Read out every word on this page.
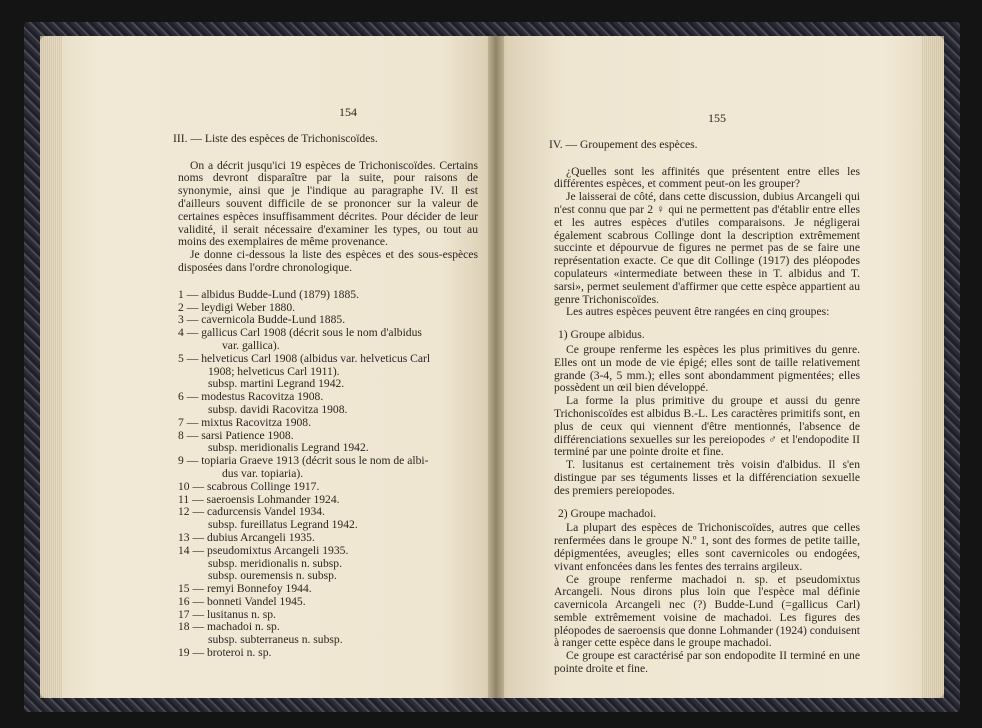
154
III. — Liste des espèces de Trichoniscoïdes.

On a décrit jusqu'ici 19 espèces de Trichoniscoïdes. Certains noms devront disparaître par la suite, pour raisons de synonymie, ainsi que je l'indique au paragraphe IV. Il est d'ailleurs souvent difficile de se prononcer sur la valeur de certaines espèces insuffisamment décrites. Pour décider de leur validité, il serait nécessaire d'examiner les types, ou tout au moins des exemplaires de même provenance.

Je donne ci-dessous la liste des espèces et des sous-espèces disposées dans l'ordre chronologique.

1 — albidus Budde-Lund (1879) 1885.
2 — leydigi Weber 1880.
3 — cavernicola Budde-Lund 1885.
4 — gallicus Carl 1908 (décrit sous le nom d'albidus
var. gallica).
5 — helveticus Carl 1908 (albidus var. helveticus Carl
1908; helveticus Carl 1911).
subsp. martini Legrand 1942.
6 — modestus Racovitza 1908.
subsp. davidi Racovitza 1908.
7 — mixtus Racovitza 1908.
8 — sarsi Patience 1908.
subsp. meridionalis Legrand 1942.
9 — topiaria Graeve 1913 (décrit sous le nom de albi-
dus var. topiaria).
10 — scabrous Collinge 1917.
11 — saeroensis Lohmander 1924.
12 — cadurcensis Vandel 1934.
subsp. fureillatus Legrand 1942.
13 — dubius Arcangeli 1935.
14 — pseudomixtus Arcangeli 1935.
subsp. meridionalis n. subsp.
subsp. ouremensis n. subsp.
15 — remyi Bonnefoy 1944.
16 — bonneti Vandel 1945.
17 — lusitanus n. sp.
18 — machadoi n. sp.
subsp. subterraneus n. subsp.
19 — broteroi n. sp.
155
IV. — Groupement des espèces.

¿Quelles sont les affinités que présentent entre elles les différentes espèces, et comment peut-on les grouper?

Je laisserai de côté, dans cette discussion, dubius Arcangeli qui n'est connu que par 2 ♀ qui ne permettent pas d'établir entre elles et les autres espèces d'utiles comparaisons. Je négligerai également scabrous Collinge dont la description extrêmement succinte et dépourvue de figures ne permet pas de se faire une représentation exacte. Ce que dit Collinge (1917) des pléopodes copulateurs «intermediate between these in T. albidus and T. sarsi», permet seulement d'affirmer que cette espèce appartient au genre Trichoniscoïdes.

Les autres espèces peuvent être rangées en cinq groupes:

1) Groupe albidus.

Ce groupe renferme les espèces les plus primitives du genre. Elles ont un mode de vie épigé; elles sont de taille relativement grande (3-4, 5 mm.); elles sont abondamment pigmentées; elles possèdent un œil bien développé.

La forme la plus primitive du groupe et aussi du genre Trichoniscoïdes est albidus B.-L. Les caractères primitifs sont, en plus de ceux qui viennent d'être mentionnés, l'absence de différenciations sexuelles sur les pereiopodes ♂ et l'endopodite II terminé par une pointe droite et fine.

T. lusitanus est certainement très voisin d'albidus. Il s'en distingue par ses téguments lisses et la différenciation sexuelle des premiers pereiopodes.

2) Groupe machadoi.

La plupart des espèces de Trichoniscoïdes, autres que celles renfermées dans le groupe N.º 1, sont des formes de petite taille, dépigmentées, aveugles; elles sont cavernicoles ou endogées, vivant enfoncées dans les fentes des terrains argileux.

Ce groupe renferme machadoi n. sp. et pseudomixtus Arcangeli. Nous dirons plus loin que l'espèce mal définie cavernicola Arcangeli nec (?) Budde-Lund (=gallicus Carl) semble extrêmement voisine de machadoi. Les figures des pléopodes de saeroensis que donne Lohmander (1924) conduisent à ranger cette espèce dans le groupe machadoi.

Ce groupe est caractérisé par son endopodite II terminé en une pointe droite et fine.
